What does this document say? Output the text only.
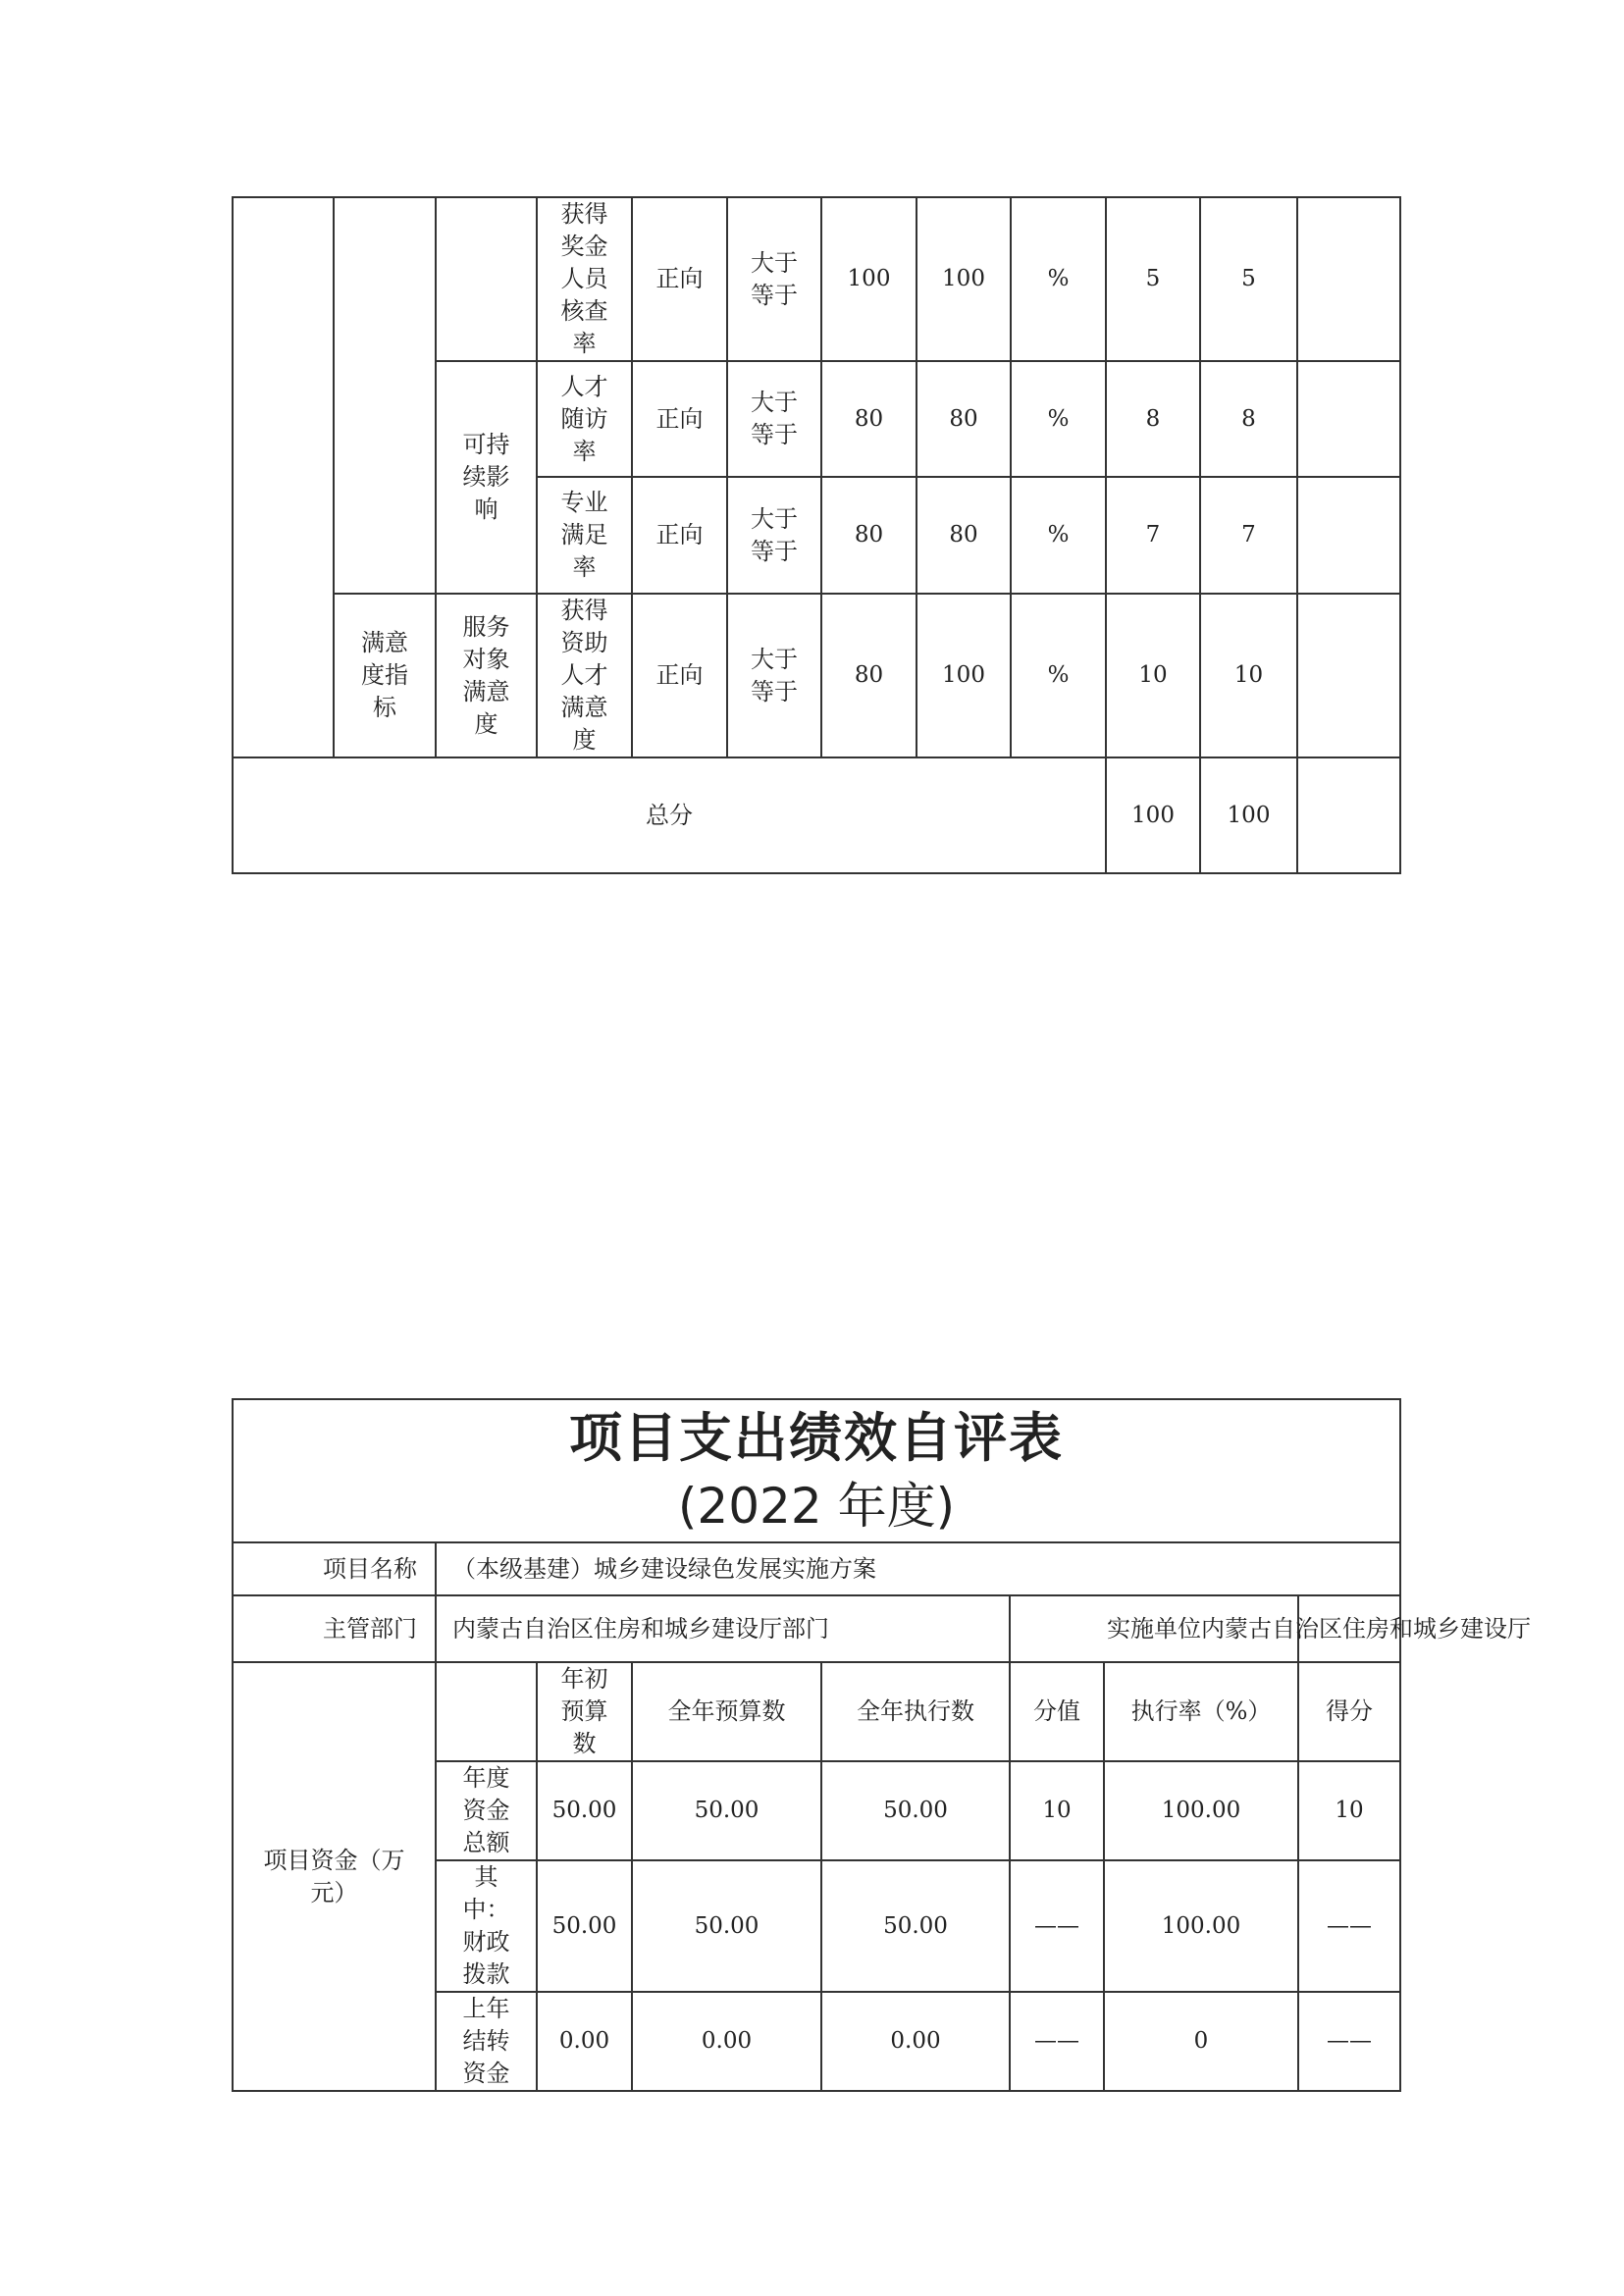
			获得奖金人员核查率	正向	大于等于	100	100	%	5	5	
		可持续影响	人才随访率	正向	大于等于	80	80	%	8	8	
			专业满足率	正向	大于等于	80	80	%	7	7	
	满意度指标	服务对象满意度	获得资助人才满意度	正向	大于等于	80	100	%	10	10	
总分									100	100	
项目支出绩效自评表
(2022 年度)							

项目名称	（本级基建）城乡建设绿色发展实施方案						
主管部门	内蒙古自治区住房和城乡建设厅部门				实施单位		内蒙古自治区住房和城乡建设厅
项目资金（万元）		年初预算数	全年预算数	全年执行数	分值	执行率（%）	得分
	年度资金总额	50.00	50.00	50.00	10	100.00	10
	其中：财政拨款	50.00	50.00	50.00	——	100.00	——
	上年结转资金	0.00	0.00	0.00	——	0	——
